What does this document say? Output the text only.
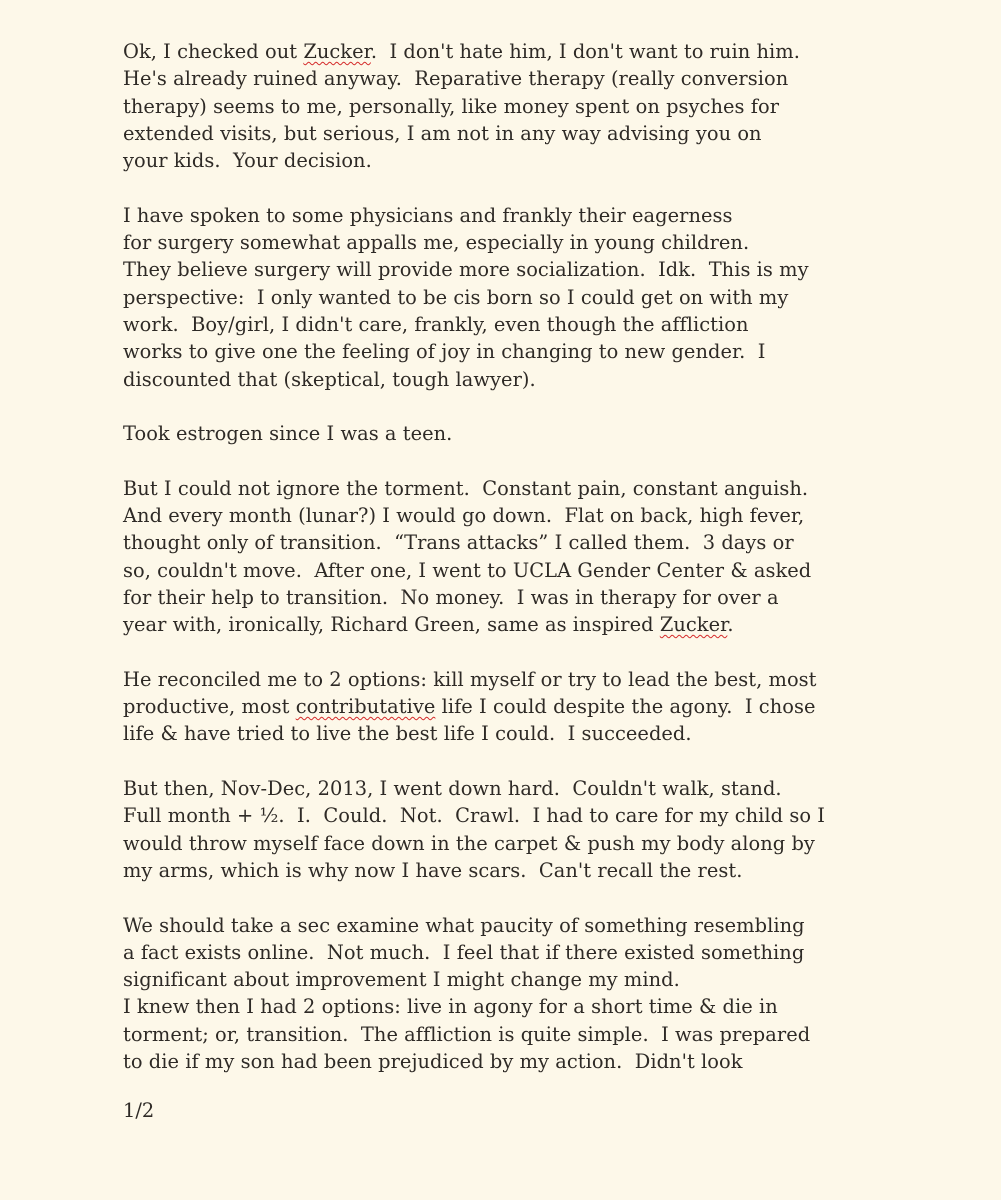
Ok, I checked out Zucker.  I don't hate him, I don't want to ruin him.
He's already ruined anyway.  Reparative therapy (really conversion
therapy) seems to me, personally, like money spent on psyches for
extended visits, but serious, I am not in any way advising you on
your kids.  Your decision.
I have spoken to some physicians and frankly their eagerness
for surgery somewhat appalls me, especially in young children.
They believe surgery will provide more socialization.  Idk.  This is my
perspective:  I only wanted to be cis born so I could get on with my
work.  Boy/girl, I didn't care, frankly, even though the affliction
works to give one the feeling of joy in changing to new gender.  I
discounted that (skeptical, tough lawyer).
Took estrogen since I was a teen.
But I could not ignore the torment.  Constant pain, constant anguish.
And every month (lunar?) I would go down.  Flat on back, high fever,
thought only of transition.  “Trans attacks” I called them.  3 days or
so, couldn't move.  After one, I went to UCLA Gender Center & asked
for their help to transition.  No money.  I was in therapy for over a
year with, ironically, Richard Green, same as inspired Zucker.
He reconciled me to 2 options: kill myself or try to lead the best, most
productive, most contributative life I could despite the agony.  I chose
life & have tried to live the best life I could.  I succeeded.
But then, Nov-Dec, 2013, I went down hard.  Couldn't walk, stand.
Full month + ½.  I.  Could.  Not.  Crawl.  I had to care for my child so I
would throw myself face down in the carpet & push my body along by
my arms, which is why now I have scars.  Can't recall the rest.
We should take a sec examine what paucity of something resembling
a fact exists online.  Not much.  I feel that if there existed something
significant about improvement I might change my mind.
I knew then I had 2 options: live in agony for a short time & die in
torment; or, transition.  The affliction is quite simple.  I was prepared
to die if my son had been prejudiced by my action.  Didn't look
1/2
